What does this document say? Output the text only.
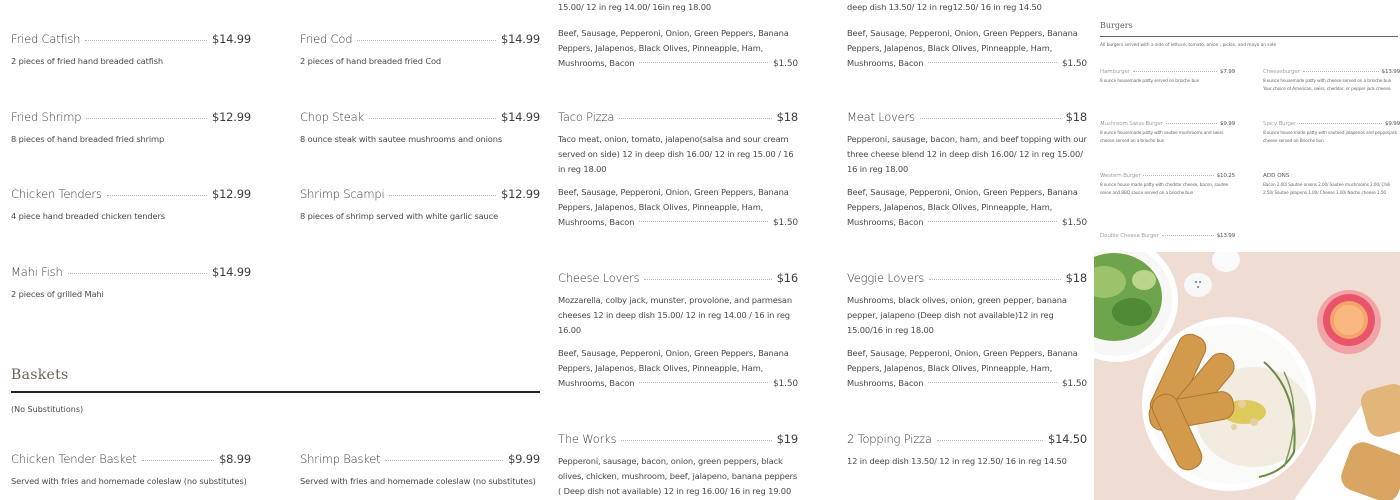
Fried Catfish	$14.99
2 pieces of fried hand breaded catfish
Fried Shrimp	$12.99
8 pieces of hand breaded fried shrimp
Chicken Tenders	$12.99
4 piece hand breaded chicken tenders
Mahi Fish	$14.99
2 pieces of grilled Mahi
Fried Cod	$14.99
2 pieces of hand breaded fried Cod
Chop Steak	$14.99
8 ounce steak with sautee mushrooms and onions
Shrimp Scampi	$12.99
8 pieces of shrimp served with white garlic sauce
Baskets
(No Substitutions)
Chicken Tender Basket	$8.99
Served with fries and homemade coleslaw (no substitutes)
Shrimp Basket	$9.99
Served with fries and homemade coleslaw (no substitutes)
15.00/ 12 in reg 14.00/ 16in reg 18.00
Beef, Sausage, Pepperoni, Onion, Green Peppers, Banana
Peppers, Jalapenos, Black Olives, Pinneapple, Ham,
Mushrooms, Bacon	$1.50
Taco Pizza	$18
Taco meat, onion, tomato, jalapeno(salsa and sour cream served on side) 12 in deep dish 16.00/ 12 in reg 15.00 / 16 in reg 18.00
Beef, Sausage, Pepperoni, Onion, Green Peppers, Banana
Peppers, Jalapenos, Black Olives, Pinneapple, Ham,
Mushrooms, Bacon	$1.50
Cheese Lovers	$16
Mozzarella, colby jack, munster, provolone, and parmesan cheeses 12 in deep dish 15.00/ 12 in reg 14.00 / 16 in reg 16.00
Beef, Sausage, Pepperoni, Onion, Green Peppers, Banana
Peppers, Jalapenos, Black Olives, Pinneapple, Ham,
Mushrooms, Bacon	$1.50
The Works	$19
Pepperoni, sausage, bacon, onion, green peppers, black olives, chicken, mushroom, beef, jalapeno, banana peppers ( Deep dish not available) 12 in reg 16.00/ 16 in reg 19.00
deep dish 13.50/ 12 in reg12.50/ 16 in reg 14.50
Beef, Sausage, Pepperoni, Onion, Green Peppers, Banana
Peppers, Jalapenos, Black Olives, Pinneapple, Ham,
Mushrooms, Bacon	$1.50
Meat Lovers	$18
Pepperoni, sausage, bacon, ham, and beef topping with our three cheese blend 12 in deep dish 16.00/ 12 in reg 15.00/ 16 in reg 18.00
Beef, Sausage, Pepperoni, Onion, Green Peppers, Banana
Peppers, Jalapenos, Black Olives, Pinneapple, Ham,
Mushrooms, Bacon	$1.50
Veggie Lovers	$18
Mushrooms, black olives, onion, green pepper, banana pepper, jalapeno (Deep dish not available)12 in reg 15.00/16 in reg 18.00
Beef, Sausage, Pepperoni, Onion, Green Peppers, Banana
Peppers, Jalapenos, Black Olives, Pinneapple, Ham,
Mushrooms, Bacon	$1.50
2 Topping Pizza	$14.50
12 in deep dish 13.50/ 12 in reg 12.50/ 16 in reg 14.50
Burgers
All burgers served with a side of lettuce, tomato, onion , pickle, and mayo on side
Hamburger	$7.99
8 ounce housemade patty served on brioche bun
Cheeseburger	$13.99
8 ounce housemade patty with cheese served on a brioche bun Your choice of American, swiss, cheddar, or pepper jack cheese
Mushroom Swiss Burger	$9.99
8 ounce housemade patty with sautee mushrooms and swiss cheese served on a brioche bun
Spicy Burger	$9.99
8 ounce house made patty with sauteed jalapenos and pepperjack cheese served on Brioche bun
Western Burger	$10.25
8 ounce house made patty with cheddar cheese, bacon, sautee onion and BBQ sauce served on a brioche bun
ADD ONS
Bacon 2.00/ Sautee onions 2.00/ Sautee mushrooms 2.00/ Chili 2.50/ Sautee jalapeno 1.00/ Cheese 1.00/ Nacho cheese 1.50
Double Cheese Burger	$13.99
